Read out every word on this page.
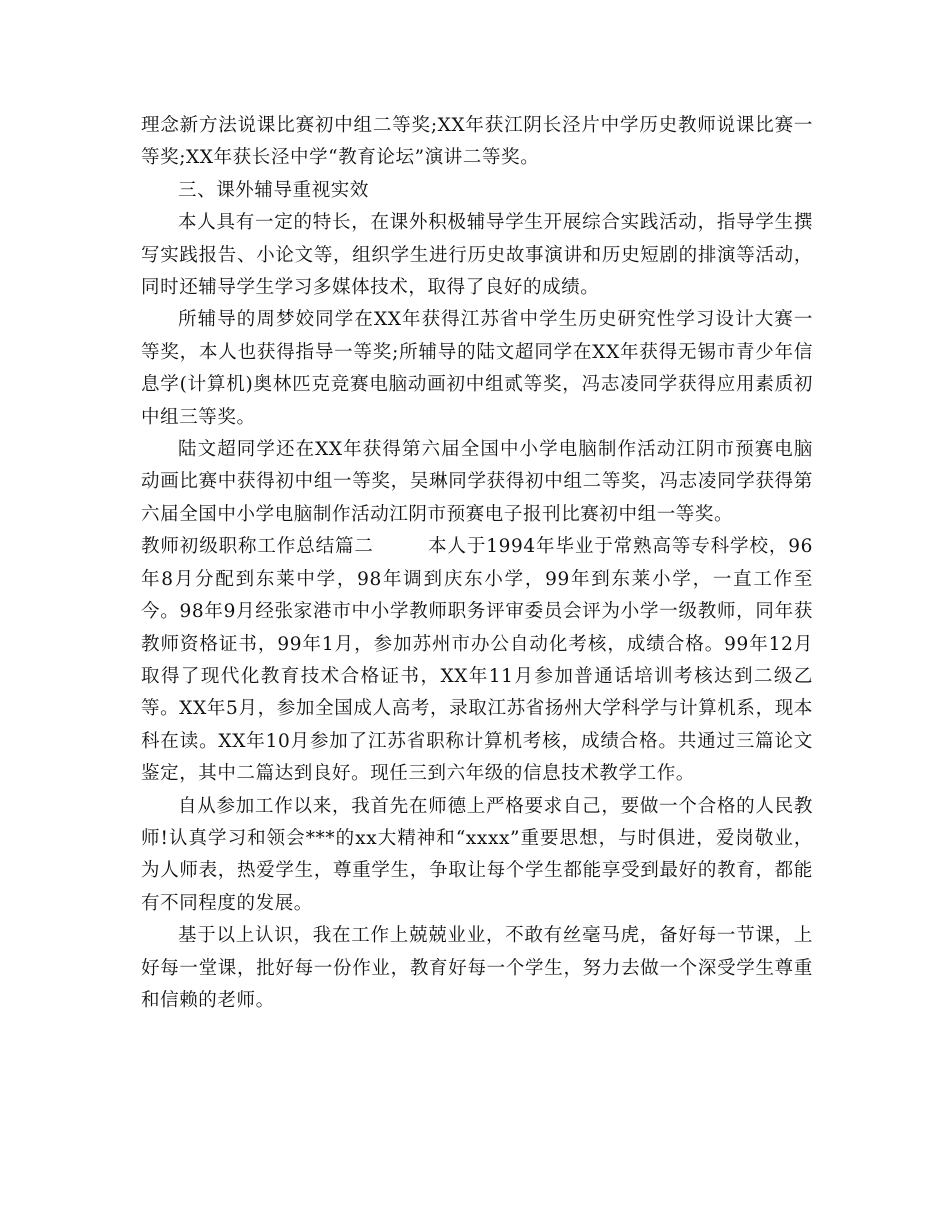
理念新方法说课比赛初中组二等奖;XX年获江阴长泾片中学历史教师说课比赛一等奖;XX年获长泾中学“教育论坛”演讲二等奖。

三、课外辅导重视实效

本人具有一定的特长，在课外积极辅导学生开展综合实践活动，指导学生撰写实践报告、小论文等，组织学生进行历史故事演讲和历史短剧的排演等活动，同时还辅导学生学习多媒体技术，取得了良好的成绩。

所辅导的周梦姣同学在XX年获得江苏省中学生历史研究性学习设计大赛一等奖，本人也获得指导一等奖;所辅导的陆文超同学在XX年获得无锡市青少年信息学(计算机)奥林匹克竞赛电脑动画初中组贰等奖，冯志凌同学获得应用素质初中组三等奖。

陆文超同学还在XX年获得第六届全国中小学电脑制作活动江阴市预赛电脑动画比赛中获得初中组一等奖，吴琳同学获得初中组二等奖，冯志凌同学获得第六届全国中小学电脑制作活动江阴市预赛电子报刊比赛初中组一等奖。

教师初级职称工作总结篇二	本人于1994年毕业于常熟高等专科学校，96年8月分配到东莱中学，98年调到庆东小学，99年到东莱小学，一直工作至今。98年9月经张家港市中小学教师职务评审委员会评为小学一级教师，同年获教师资格证书，99年1月，参加苏州市办公自动化考核，成绩合格。99年12月取得了现代化教育技术合格证书，XX年11月参加普通话培训考核达到二级乙等。XX年5月，参加全国成人高考，录取江苏省扬州大学科学与计算机系，现本科在读。XX年10月参加了江苏省职称计算机考核，成绩合格。共通过三篇论文鉴定，其中二篇达到良好。现任三到六年级的信息技术教学工作。

自从参加工作以来，我首先在师德上严格要求自己，要做一个合格的人民教师!认真学习和领会***的xx大精神和“xxxx”重要思想，与时俱进，爱岗敬业，为人师表，热爱学生，尊重学生，争取让每个学生都能享受到最好的教育，都能有不同程度的发展。

基于以上认识，我在工作上兢兢业业，不敢有丝毫马虎，备好每一节课，上好每一堂课，批好每一份作业，教育好每一个学生，努力去做一个深受学生尊重和信赖的老师。
